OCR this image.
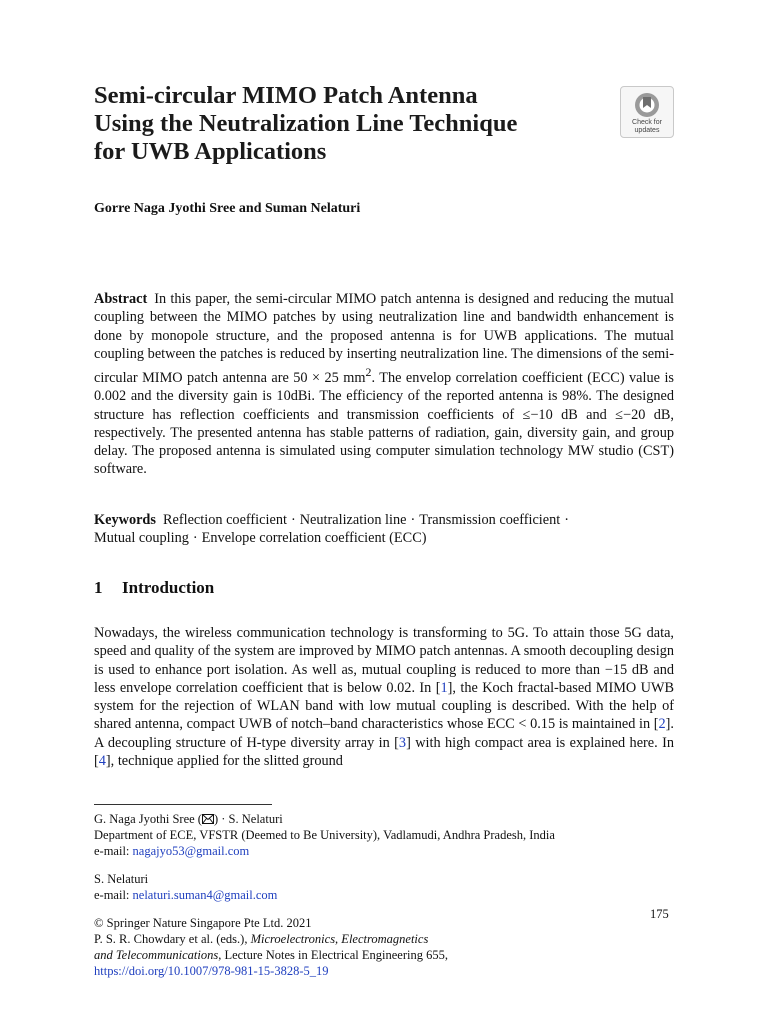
Semi-circular MIMO Patch Antenna
Using the Neutralization Line Technique
for UWB Applications
Check for
updates

Gorre Naga Jyothi Sree and Suman Nelaturi

Abstract In this paper, the semi-circular MIMO patch antenna is designed and reducing the mutual coupling between the MIMO patches by using neutralization line and bandwidth enhancement is done by monopole structure, and the proposed antenna is for UWB applications. The mutual coupling between the patches is reduced by inserting neutralization line. The dimensions of the semi-circular MIMO patch antenna are 50 × 25 $mm^2$. The envelop correlation coefficient (ECC) value is 0.002 and the diversity gain is 10dBi. The efficiency of the reported antenna is 98%. The designed structure has reflection coefficients and transmission coefficients of ≤−10 dB and ≤−20 dB, respectively. The presented antenna has stable patterns of radiation, gain, diversity gain, and group delay. The proposed antenna is simulated using computer simulation technology MW studio (CST) software.

Keywords Reflection coefficient · Neutralization line · Transmission coefficient ·
Mutual coupling · Envelope correlation coefficient (ECC)

1 Introduction

Nowadays, the wireless communication technology is transforming to 5G. To attain those 5G data, speed and quality of the system are improved by MIMO patch antennas. A smooth decoupling design is used to enhance port isolation. As well as, mutual coupling is reduced to more than −15 dB and less envelope correlation coefficient that is below 0.02. In [1], the Koch fractal-based MIMO UWB system for the rejection of WLAN band with low mutual coupling is described. With the help of shared antenna, compact UWB of notch–band characteristics whose ECC < 0.15 is maintained in [2]. A decoupling structure of H-type diversity array in [3] with high compact area is explained here. In [4], technique applied for the slitted ground

G. Naga Jyothi Sree ( ) · S. Nelaturi
Department of ECE, VFSTR (Deemed to Be University), Vadlamudi, Andhra Pradesh, India
e-mail: nagajyo53@gmail.com
S. Nelaturi
e-mail: nelaturi.suman4@gmail.com
© Springer Nature Singapore Pte Ltd. 2021
P. S. R. Chowdary et al. (eds.), Microelectronics, Electromagnetics
and Telecommunications, Lecture Notes in Electrical Engineering 655,
https://doi.org/10.1007/978-981-15-3828-5_19

175
